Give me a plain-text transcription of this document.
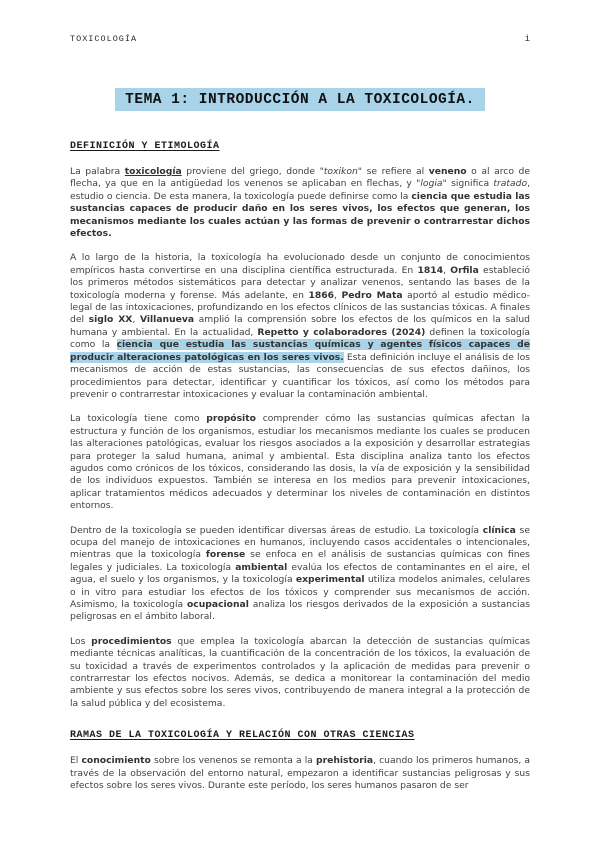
TOXICOLOGÍA	i
TEMA 1: INTRODUCCIÓN A LA TOXICOLOGÍA.
DEFINICIÓN Y ETIMOLOGÍA

La palabra toxicología proviene del griego, donde "toxikon" se refiere al veneno o al arco de flecha, ya que en la antigüedad los venenos se aplicaban en flechas, y "logia" significa tratado, estudio o ciencia. De esta manera, la toxicología puede definirse como la ciencia que estudia las sustancias capaces de producir daño en los seres vivos, los efectos que generan, los mecanismos mediante los cuales actúan y las formas de prevenir o contrarrestar dichos efectos.

A lo largo de la historia, la toxicología ha evolucionado desde un conjunto de conocimientos empíricos hasta convertirse en una disciplina científica estructurada. En 1814, Orfila estableció los primeros métodos sistemáticos para detectar y analizar venenos, sentando las bases de la toxicología moderna y forense. Más adelante, en 1866, Pedro Mata aportó al estudio médico-legal de las intoxicaciones, profundizando en los efectos clínicos de las sustancias tóxicas. A finales del siglo XX, Villanueva amplió la comprensión sobre los efectos de los químicos en la salud humana y ambiental. En la actualidad, Repetto y colaboradores (2024) definen la toxicología como la ciencia que estudia las sustancias químicas y agentes físicos capaces de producir alteraciones patológicas en los seres vivos. Esta definición incluye el análisis de los mecanismos de acción de estas sustancias, las consecuencias de sus efectos dañinos, los procedimientos para detectar, identificar y cuantificar los tóxicos, así como los métodos para prevenir o contrarrestar intoxicaciones y evaluar la contaminación ambiental.

La toxicología tiene como propósito comprender cómo las sustancias químicas afectan la estructura y función de los organismos, estudiar los mecanismos mediante los cuales se producen las alteraciones patológicas, evaluar los riesgos asociados a la exposición y desarrollar estrategias para proteger la salud humana, animal y ambiental. Esta disciplina analiza tanto los efectos agudos como crónicos de los tóxicos, considerando las dosis, la vía de exposición y la sensibilidad de los individuos expuestos. También se interesa en los medios para prevenir intoxicaciones, aplicar tratamientos médicos adecuados y determinar los niveles de contaminación en distintos entornos.

Dentro de la toxicología se pueden identificar diversas áreas de estudio. La toxicología clínica se ocupa del manejo de intoxicaciones en humanos, incluyendo casos accidentales o intencionales, mientras que la toxicología forense se enfoca en el análisis de sustancias químicas con fines legales y judiciales. La toxicología ambiental evalúa los efectos de contaminantes en el aire, el agua, el suelo y los organismos, y la toxicología experimental utiliza modelos animales, celulares o in vitro para estudiar los efectos de los tóxicos y comprender sus mecanismos de acción. Asimismo, la toxicología ocupacional analiza los riesgos derivados de la exposición a sustancias peligrosas en el ámbito laboral.

Los procedimientos que emplea la toxicología abarcan la detección de sustancias químicas mediante técnicas analíticas, la cuantificación de la concentración de los tóxicos, la evaluación de su toxicidad a través de experimentos controlados y la aplicación de medidas para prevenir o contrarrestar los efectos nocivos. Además, se dedica a monitorear la contaminación del medio ambiente y sus efectos sobre los seres vivos, contribuyendo de manera integral a la protección de la salud pública y del ecosistema.

RAMAS DE LA TOXICOLOGÍA Y RELACIÓN CON OTRAS CIENCIAS

El conocimiento sobre los venenos se remonta a la prehistoria, cuando los primeros humanos, a través de la observación del entorno natural, empezaron a identificar sustancias peligrosas y sus efectos sobre los seres vivos. Durante este período, los seres humanos pasaron de ser
